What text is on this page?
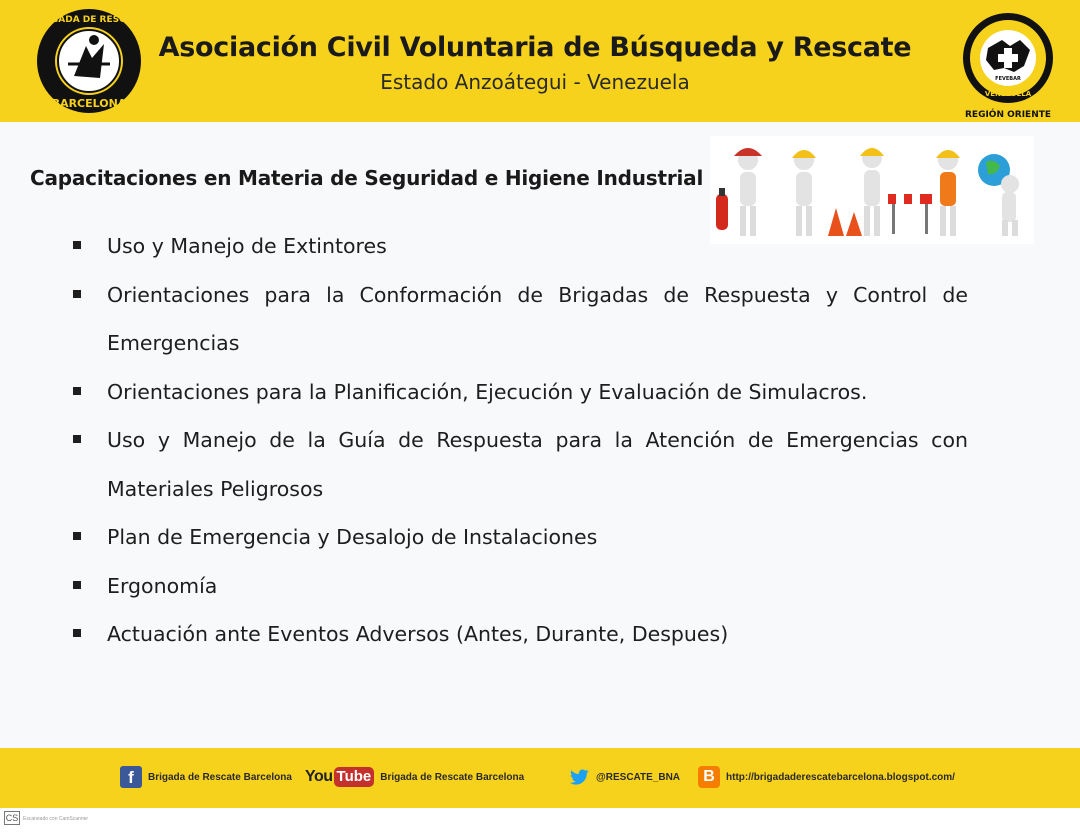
BRIGADA DE RESCATE
BARCELONA
Asociación Civil Voluntaria de Búsqueda y Rescate
Estado Anzoátegui - Venezuela	FEVEBAR
VENEZUELA
REGIÓN ORIENTE
Capacitaciones en Materia de Seguridad e Higiene Industrial
Uso y Manejo de Extintores
Orientaciones para la Conformación de Brigadas de Respuesta y Control de Emergencias
Orientaciones para la Planificación, Ejecución y Evaluación de Simulacros.
Uso y Manejo de la Guía de Respuesta para la Atención de Emergencias con Materiales Peligrosos
Plan de Emergencia y Desalojo de Instalaciones
Ergonomía
Actuación ante Eventos Adversos (Antes, Durante, Despues)
f	Brigada de Rescate Barcelona You Tube Brigada de Rescate Barcelona	@RESCATE_BNA	B	http://brigadaderescatebarcelona.blogspot.com/
CS Escaneado con CamScanner
